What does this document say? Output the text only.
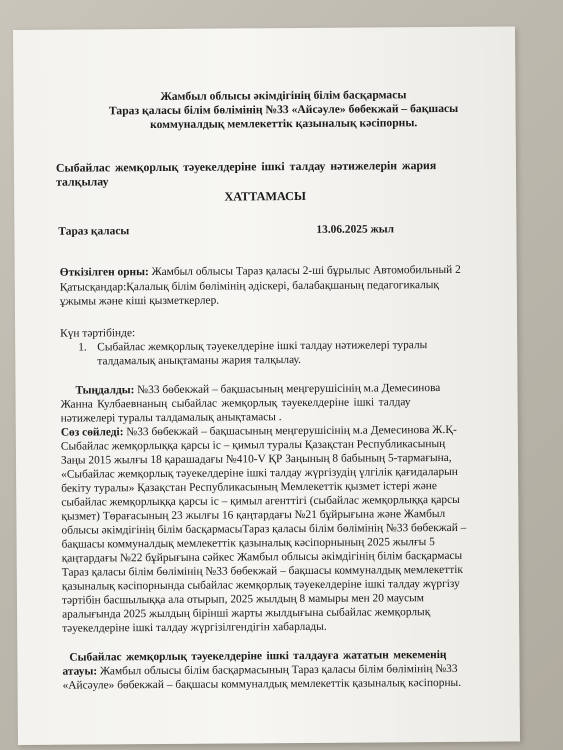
Жамбыл облысы әкімдігінің білім басқармасы
Тараз қаласы білім бөлімінің №33 «Айсәуле» бөбекжай – бақшасы
коммуналдық мемлекеттік қазыналық кәсіпорны.
Сыбайлас жемқорлық тәуекелдеріне ішкі талдау нәтижелерін жария
талқылау
ХАТТАМАСЫ
Тараз қаласы	13.06.2025 жыл
Өткізілген орны: Жамбыл облысы Тараз қаласы 2-ші бұрылыс Автомобильный 2
Қатысқандар:Қалалық білім бөлімінің әдіскері, балабақшаның педагогикалық
ұжымы және кіші қызметкерлер.
Күн тәртібінде:
1. Сыбайлас жемқорлық тәуекелдеріне ішкі талдау нәтижелері туралы
талдамалық анықтаманы жария талқылау.
Тыңдалды: №33 бөбекжай – бақшасының меңгерушісінің м.а Демесинова
Жанна Кулбаевнаның сыбайлас жемқорлық тәуекелдеріне ішкі талдау
нәтижелері туралы талдамалық анықтамасы .
Сөз сөйледі: №33 бөбекжай – бақшасының меңгерушісінің м.а Демесинова Ж.Қ-
Сыбайлас жемқорлыққа қарсы іс – қимыл туралы Қазақстан Республикасының
Заңы 2015 жылғы 18 қарашадағы №410-V ҚР Заңының 8 бабының 5-тармағына,
«Сыбайлас жемқорлық тәуекелдеріне ішкі талдау жүргізудің үлгілік қағидаларын
бекіту туралы» Қазақстан Республикасының Мемлекеттік қызмет істері және
сыбайлас жемқорлыққа қарсы іс – қимыл агенттігі (сыбайлас жемқорлыққа қарсы
қызмет) Төрағасының 23 жылғы 16 қаңтардағы №21 бұйрығына және Жамбыл
облысы әкімдігінің білім басқармасыТараз қаласы білім бөлімінің №33 бөбекжай –
бақшасы коммуналдық мемлекеттік қазыналық кәсіпорнының 2025 жылғы 5
қаңтардағы №22 бұйрығына сәйкес Жамбыл облысы әкімдігінің білім басқармасы
Тараз қаласы білім бөлімінің №33 бөбекжай – бақшасы коммуналдық мемлекеттік
қазыналық кәсіпорнында сыбайлас жемқорлық тәуекелдеріне ішкі талдау жүргізу
тәртібін басшылыққа ала отырып, 2025 жылдың 8 мамыры мен 20 маусым
аралығында 2025 жылдың бірінші жарты жылдығына сыбайлас жемқорлық
тәуекелдеріне ішкі талдау жүргізілгендігін хабарлады.
Сыбайлас жемқорлық тәуекелдеріне ішкі талдауға жататын мекеменің
атауы: Жамбыл облысы білім басқармасының Тараз қаласы білім бөлімінің №33
«Айсәуле» бөбекжай – бақшасы коммуналдық мемлекеттік қазыналық кәсіпорны.
